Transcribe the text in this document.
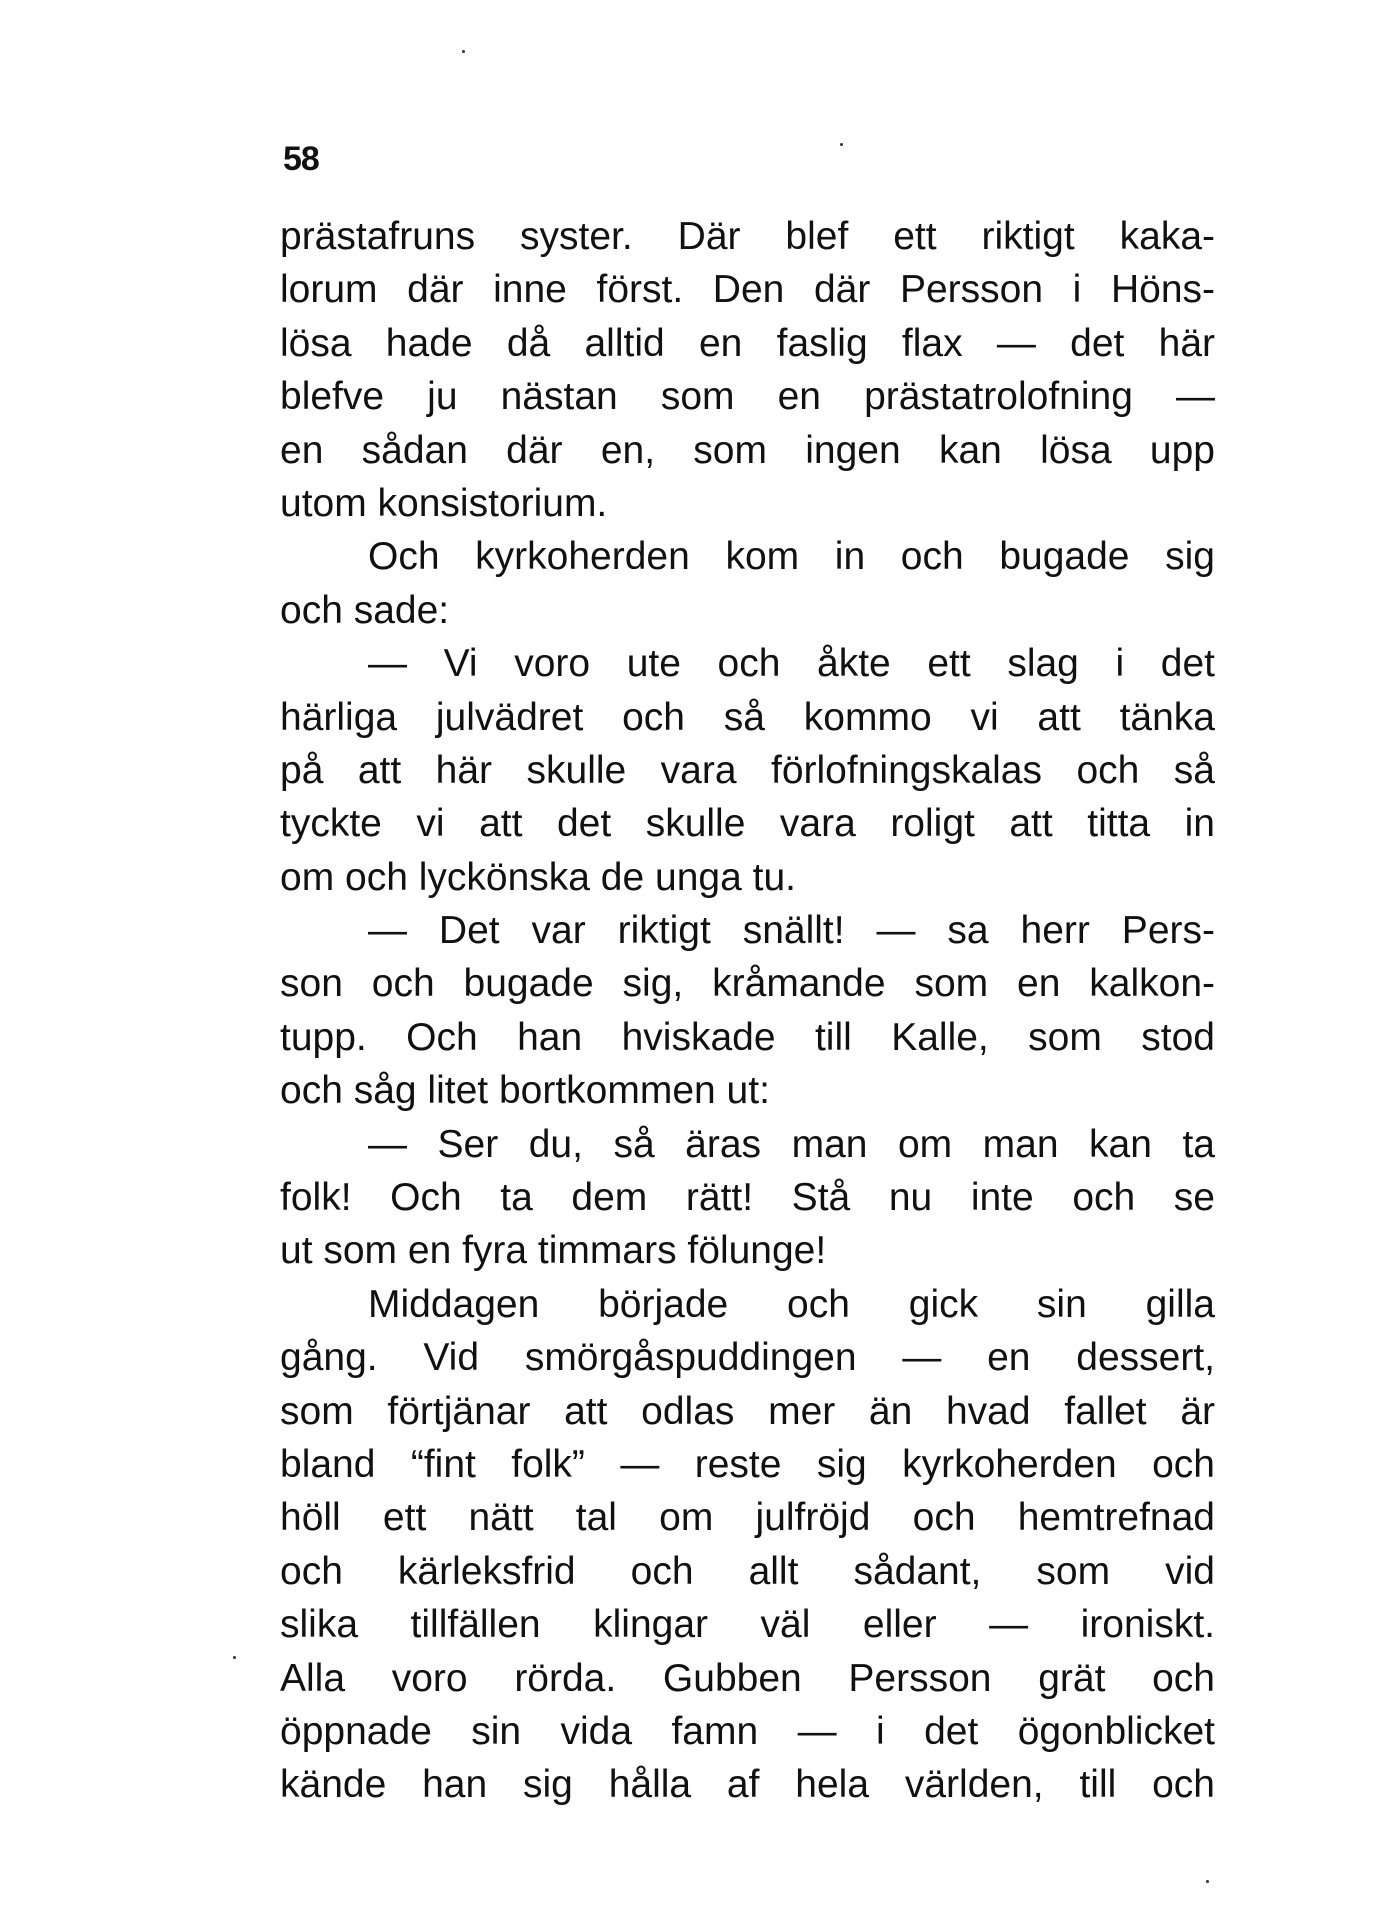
58
prästafruns syster. Där blef ett riktigt kaka-
lorum där inne först. Den där Persson i Höns-
lösa hade då alltid en faslig flax — det här
blefve ju nästan som en prästatrolofning —
en sådan där en, som ingen kan lösa upp
utom konsistorium.
Och kyrkoherden kom in och bugade sig
och sade:
— Vi voro ute och åkte ett slag i det
härliga julvädret och så kommo vi att tänka
på att här skulle vara förlofningskalas och så
tyckte vi att det skulle vara roligt att titta in
om och lyckönska de unga tu.
— Det var riktigt snällt! — sa herr Pers-
son och bugade sig, kråmande som en kalkon-
tupp. Och han hviskade till Kalle, som stod
och såg litet bortkommen ut:
— Ser du, så äras man om man kan ta
folk! Och ta dem rätt! Stå nu inte och se
ut som en fyra timmars fölunge!
Middagen började och gick sin gilla
gång. Vid smörgåspuddingen — en dessert,
som förtjänar att odlas mer än hvad fallet är
bland “fint folk” — reste sig kyrkoherden och
höll ett nätt tal om julfröjd och hemtrefnad
och kärleksfrid och allt sådant, som vid
slika tillfällen klingar väl eller — ironiskt.
Alla voro rörda. Gubben Persson grät och
öppnade sin vida famn — i det ögonblicket
kände han sig hålla af hela världen, till och
